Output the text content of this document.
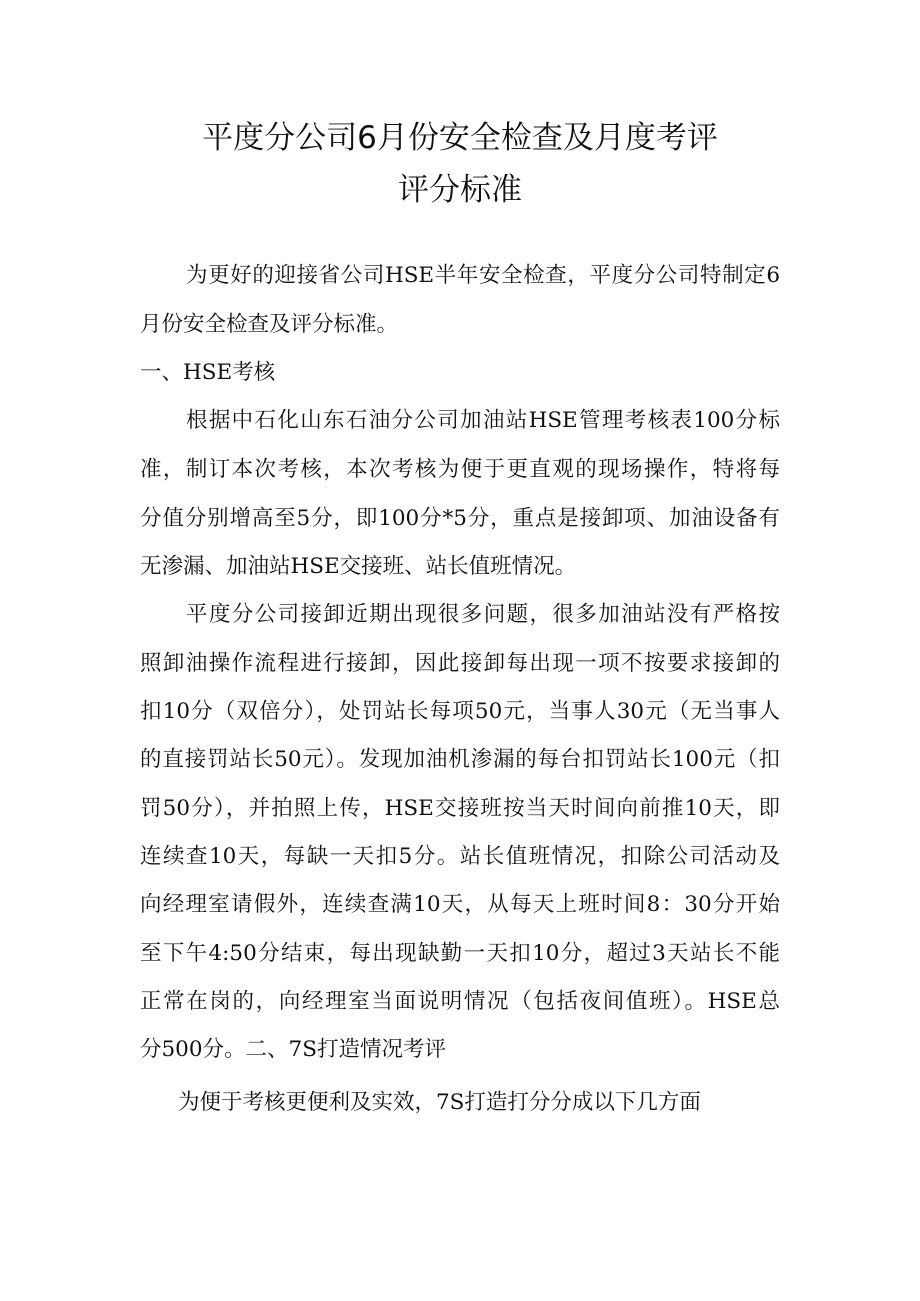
平度分公司6月份安全检查及月度考评
评分标准
为更好的迎接省公司HSE半年安全检查，平度分公司特制定6
月份安全检查及评分标准。
一、HSE考核
根据中石化山东石油分公司加油站HSE管理考核表100分标
准，制订本次考核，本次考核为便于更直观的现场操作，特将每
分值分别增高至5分，即100分*5分，重点是接卸项、加油设备有
无渗漏、加油站HSE交接班、站长值班情况。
平度分公司接卸近期出现很多问题，很多加油站没有严格按
照卸油操作流程进行接卸，因此接卸每出现一项不按要求接卸的
扣10分（双倍分），处罚站长每项50元，当事人30元（无当事人
的直接罚站长50元）。发现加油机渗漏的每台扣罚站长100元（扣
罚50分），并拍照上传，HSE交接班按当天时间向前推10天，即
连续查10天，每缺一天扣5分。站长值班情况，扣除公司活动及
向经理室请假外，连续查满10天，从每天上班时间8：30分开始
至下午4:50分结束，每出现缺勤一天扣10分，超过3天站长不能
正常在岗的，向经理室当面说明情况（包括夜间值班）。HSE总
分500分。二、7S打造情况考评
为便于考核更便利及实效，7S打造打分分成以下几方面
